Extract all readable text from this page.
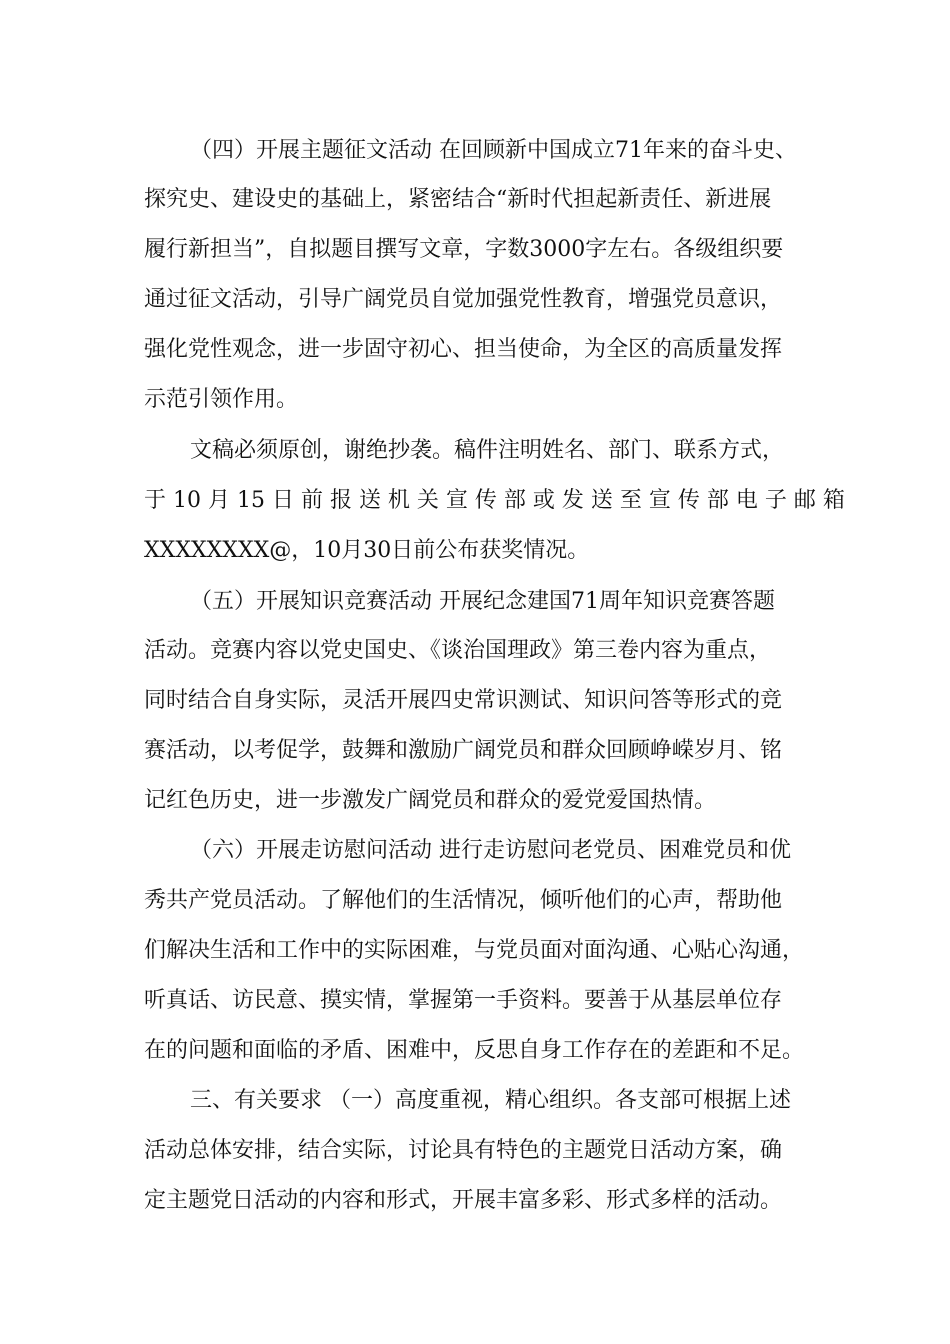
（四）开展主题征文活动 在回顾新中国成立71年来的奋斗史、
探究史、建设史的基础上，紧密结合“新时代担起新责任、新进展
履行新担当”，自拟题目撰写文章，字数3000字左右。各级组织要
通过征文活动，引导广阔党员自觉加强党性教育，增强党员意识，
强化党性观念，进一步固守初心、担当使命，为全区的高质量发挥
示范引领作用。
文稿必须原创，谢绝抄袭。稿件注明姓名、部门、联系方式，
于 10 月 15 日 前 报 送 机 关 宣 传 部 或 发 送 至 宣 传 部 电 子 邮 箱
XXXXXXXX@，10月30日前公布获奖情况。
（五）开展知识竞赛活动 开展纪念建国71周年知识竞赛答题
活动。竞赛内容以党史国史、《谈治国理政》第三卷内容为重点，
同时结合自身实际，灵活开展四史常识测试、知识问答等形式的竞
赛活动，以考促学，鼓舞和激励广阔党员和群众回顾峥嵘岁月、铭
记红色历史，进一步激发广阔党员和群众的爱党爱国热情。
（六）开展走访慰问活动 进行走访慰问老党员、困难党员和优
秀共产党员活动。了解他们的生活情况，倾听他们的心声，帮助他
们解决生活和工作中的实际困难，与党员面对面沟通、心贴心沟通，
听真话、访民意、摸实情，掌握第一手资料。要善于从基层单位存
在的问题和面临的矛盾、困难中，反思自身工作存在的差距和不足。
三、有关要求 （一）高度重视，精心组织。各支部可根据上述
活动总体安排，结合实际，讨论具有特色的主题党日活动方案，确
定主题党日活动的内容和形式，开展丰富多彩、形式多样的活动。
